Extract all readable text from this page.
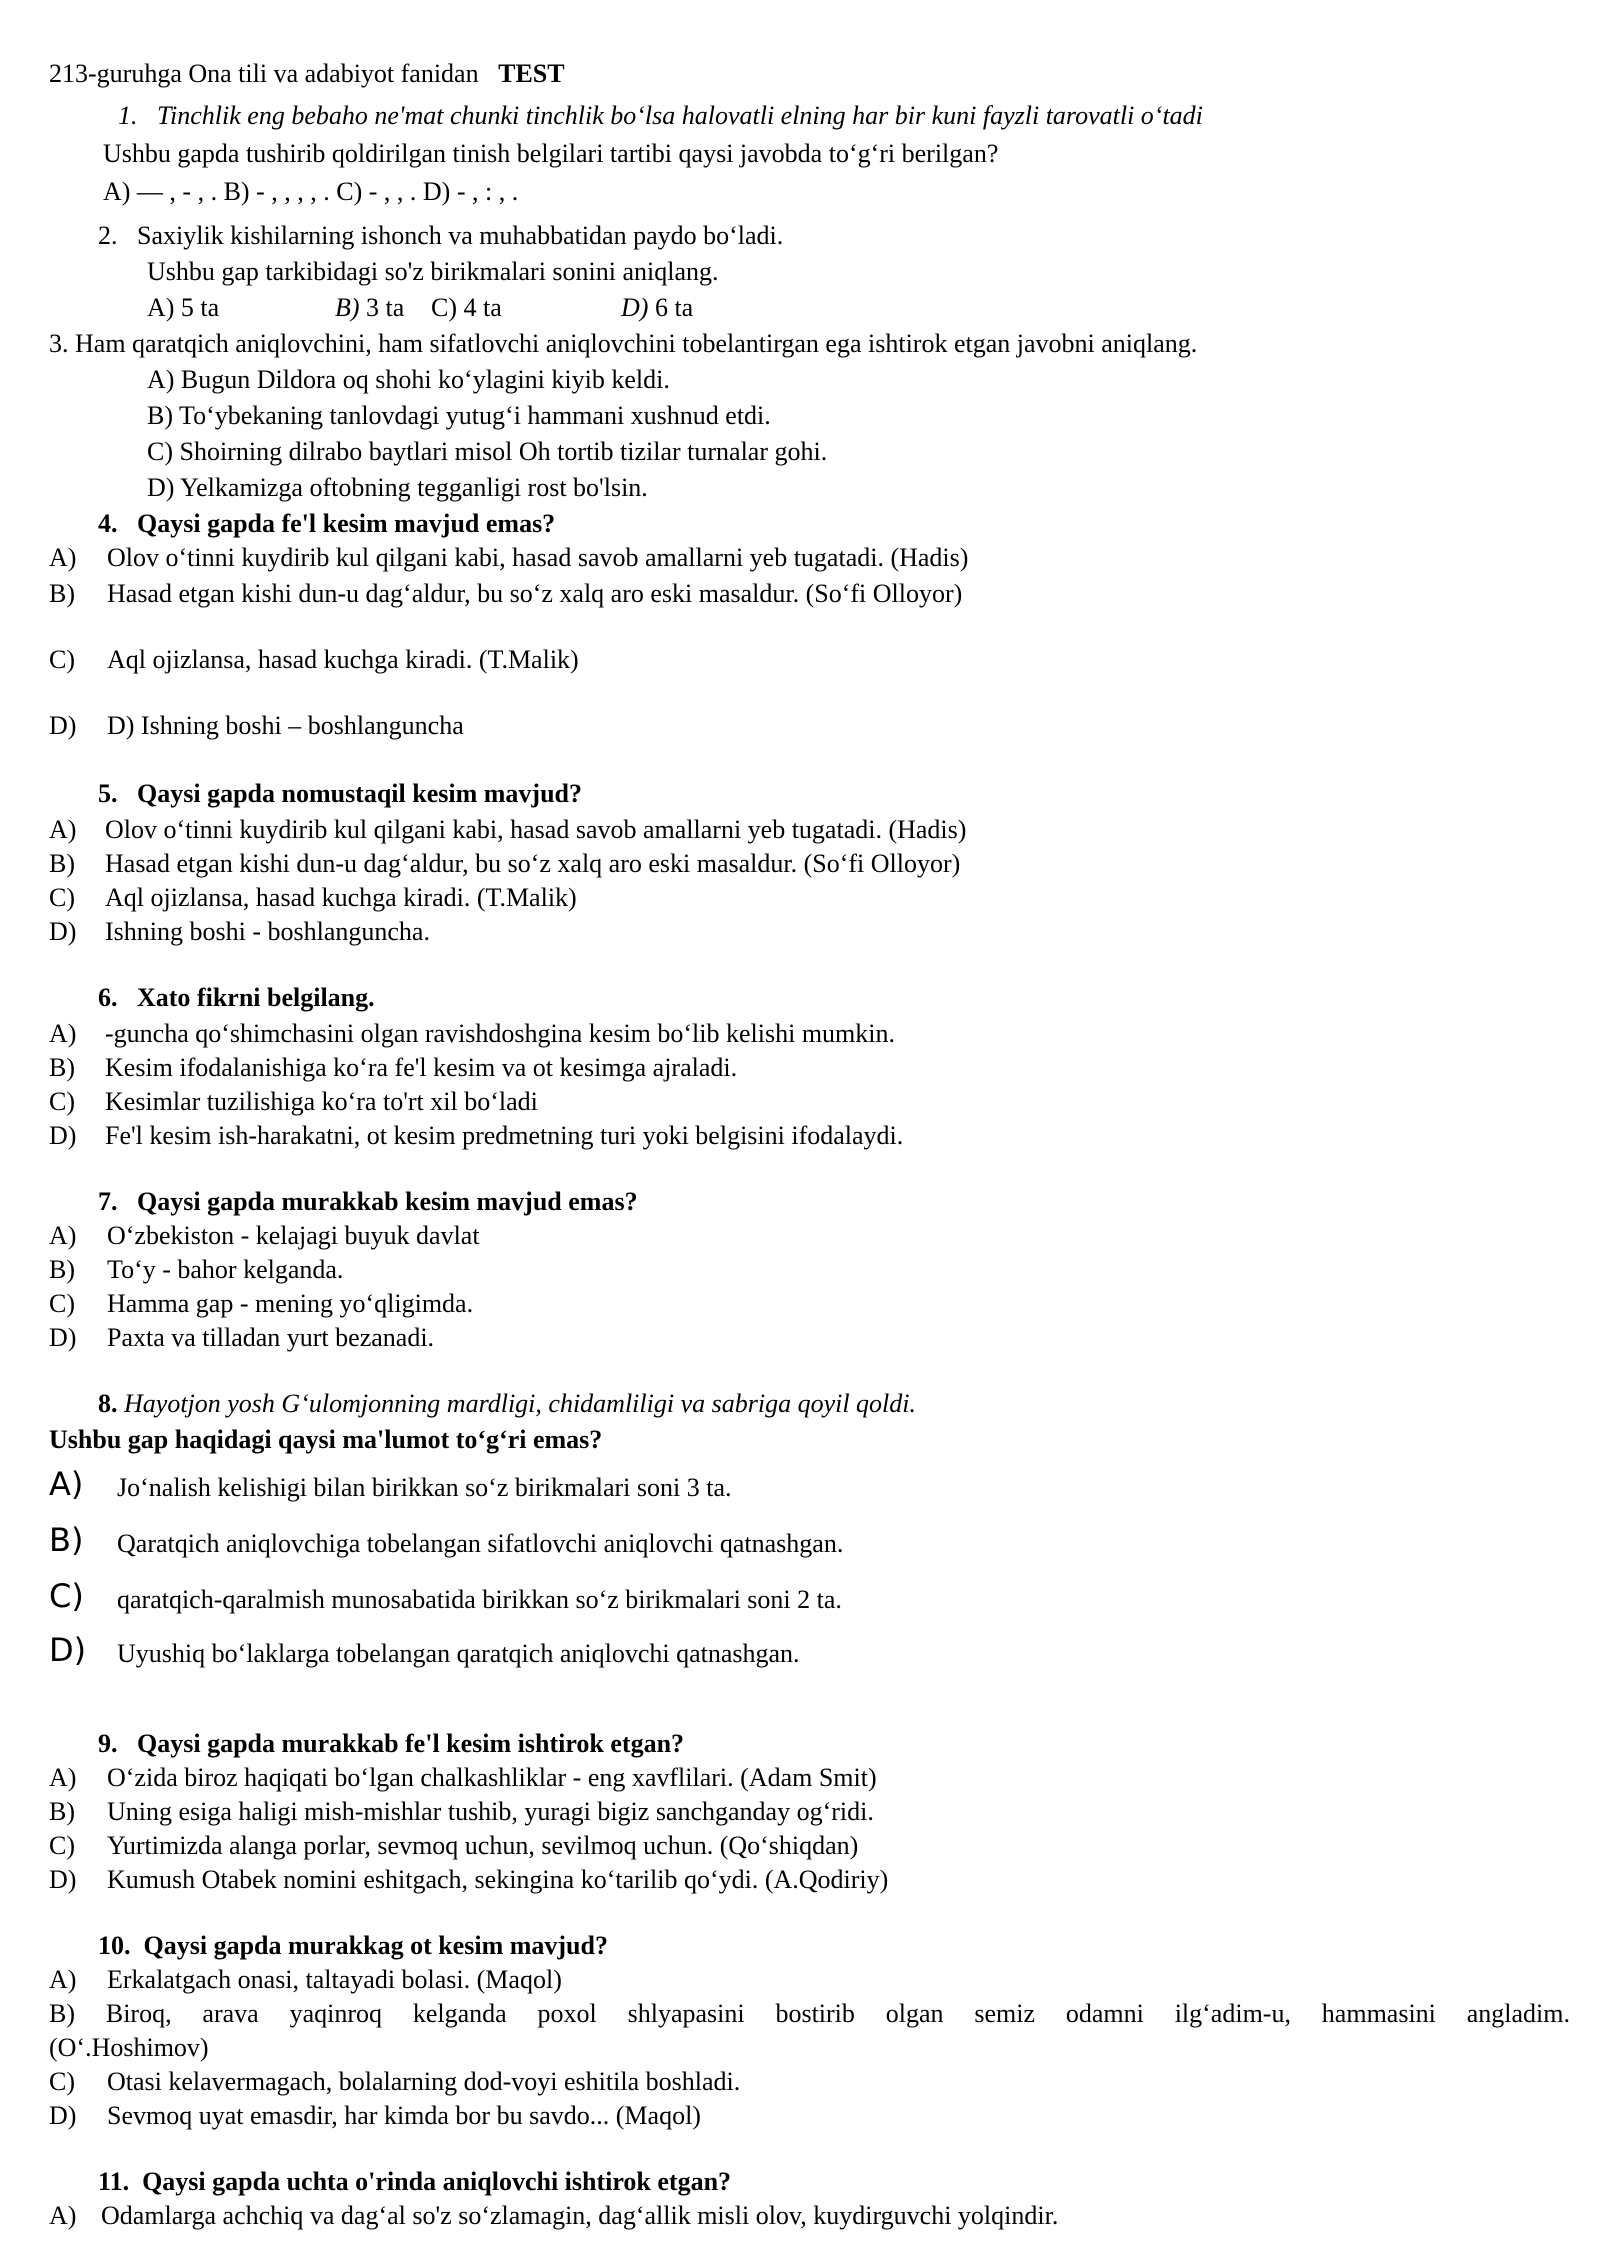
213-guruhga Ona tili va adabiyot fanidan TEST
1. Tinchlik eng bebaho ne'mat chunki tinchlik bo‘lsa halovatli elning har bir kuni fayzli tarovatli o‘tadi
Ushbu gapda tushirib qoldirilgan tinish belgilari tartibi qaysi javobda to‘g‘ri berilgan?
A) — , - , . B) - , , , , . C) - , , . D) - , : , .
2. Saxiylik kishilarning ishonch va muhabbatidan paydo bo‘ladi.
Ushbu gap tarkibidagi so'z birikmalari sonini aniqlang.
A) 5 ta	B) 3 ta C) 4 ta	D) 6 ta
3. Ham qaratqich aniqlovchini, ham sifatlovchi aniqlovchini tobelantirgan ega ishtirok etgan javobni aniqlang.
A) Bugun Dildora oq shohi ko‘ylagini kiyib keldi.
B) To‘ybekaning tanlovdagi yutug‘i hammani xushnud etdi.
C) Shoirning dilrabo baytlari misol Oh tortib tizilar turnalar gohi.
D) Yelkamizga oftobning tegganligi rost bo'lsin.
4. Qaysi gapda fe'l kesim mavjud emas?
A) Olov o‘tinni kuydirib kul qilgani kabi, hasad savob amallarni yeb tugatadi. (Hadis)
B) Hasad etgan kishi dun-u dag‘aldur, bu so‘z xalq aro eski masaldur. (So‘fi Olloyor)
C) Aql ojizlansa, hasad kuchga kiradi. (T.Malik)
D) D) Ishning boshi – boshlanguncha
5. Qaysi gapda nomustaqil kesim mavjud?
A) Olov o‘tinni kuydirib kul qilgani kabi, hasad savob amallarni yeb tugatadi. (Hadis)
B) Hasad etgan kishi dun-u dag‘aldur, bu so‘z xalq aro eski masaldur. (So‘fi Olloyor)
C) Aql ojizlansa, hasad kuchga kiradi. (T.Malik)
D) Ishning boshi - boshlanguncha.
6. Xato fikrni belgilang.
A) -guncha qo‘shimchasini olgan ravishdoshgina kesim bo‘lib kelishi mumkin.
B) Kesim ifodalanishiga ko‘ra fe'l kesim va ot kesimga ajraladi.
C) Kesimlar tuzilishiga ko‘ra to'rt xil bo‘ladi
D) Fe'l kesim ish-harakatni, ot kesim predmetning turi yoki belgisini ifodalaydi.
7. Qaysi gapda murakkab kesim mavjud emas?
A) O‘zbekiston - kelajagi buyuk davlat
B) To‘y - bahor kelganda.
C) Hamma gap - mening yo‘qligimda.
D) Paxta va tilladan yurt bezanadi.
8. Hayotjon yosh G‘ulomjonning mardligi, chidamliligi va sabriga qoyil qoldi.
Ushbu gap haqidagi qaysi ma'lumot to‘g‘ri emas?
A) Jo‘nalish kelishigi bilan birikkan so‘z birikmalari soni 3 ta.
B) Qaratqich aniqlovchiga tobelangan sifatlovchi aniqlovchi qatnashgan.
C) qaratqich-qaralmish munosabatida birikkan so‘z birikmalari soni 2 ta.
D) Uyushiq bo‘laklarga tobelangan qaratqich aniqlovchi qatnashgan.
9. Qaysi gapda murakkab fe'l kesim ishtirok etgan?
A) O‘zida biroz haqiqati bo‘lgan chalkashliklar - eng xavflilari. (Adam Smit)
B) Uning esiga haligi mish-mishlar tushib, yuragi bigiz sanchganday og‘ridi.
C) Yurtimizda alanga porlar, sevmoq uchun, sevilmoq uchun. (Qo‘shiqdan)
D) Kumush Otabek nomini eshitgach, sekingina ko‘tarilib qo‘ydi. (A.Qodiriy)
10. Qaysi gapda murakkag ot kesim mavjud?
A) Erkalatgach onasi, taltayadi bolasi. (Maqol)
B) Biroq, arava yaqinroq kelganda poxol shlyapasini bostirib olgan semiz odamni ilg‘adim-u, hammasini angladim.
(O‘.Hoshimov)
C) Otasi kelavermagach, bolalarning dod-voyi eshitila boshladi.
D) Sevmoq uyat emasdir, har kimda bor bu savdo... (Maqol)
11. Qaysi gapda uchta o'rinda aniqlovchi ishtirok etgan?
A) Odamlarga achchiq va dag‘al so'z so‘zlamagin, dag‘allik misli olov, kuydirguvchi yolqindir.
